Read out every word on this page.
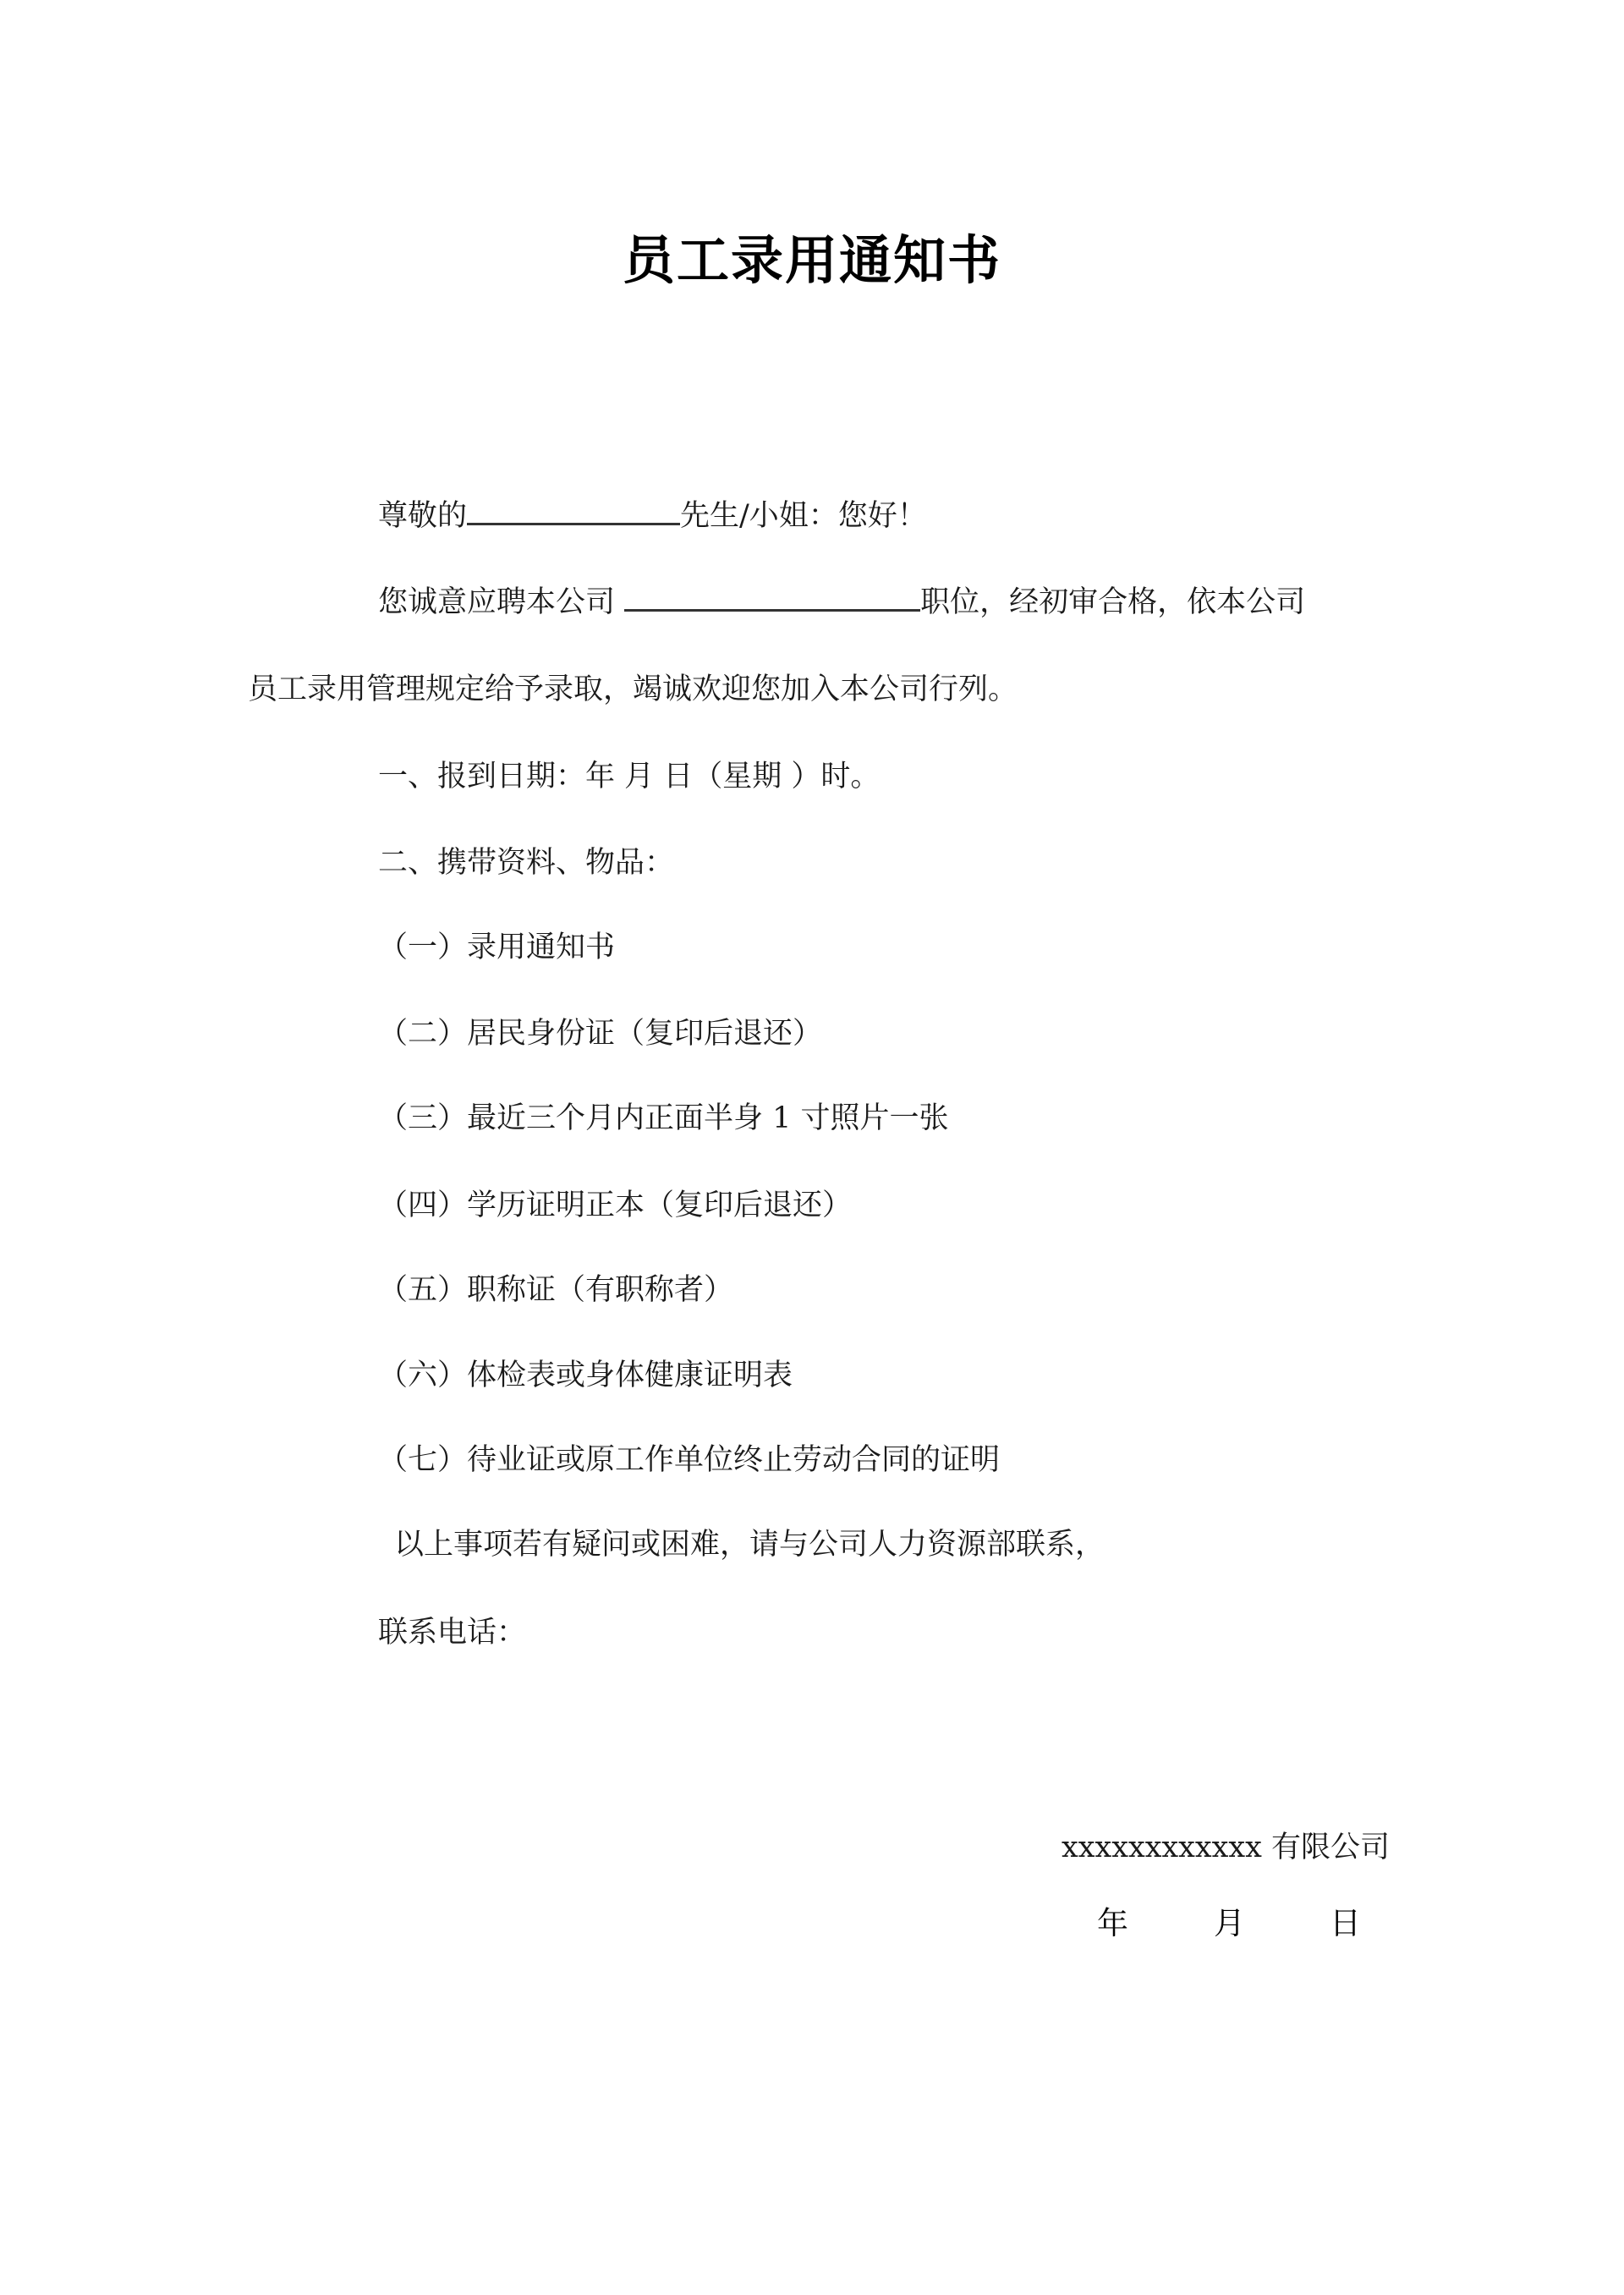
员工录用通知书
尊敬的	先生/小姐：您好！
您诚意应聘本公司	职位，经初审合格，依本公司
员工录用管理规定给予录取，竭诚欢迎您加入本公司行列。
一、报到日期：年 月 日（星期 ）时。
二、携带资料、物品：
（一）录用通知书
（二）居民身份证（复印后退还）
（三）最近三个月内正面半身 1 寸照片一张
（四）学历证明正本（复印后退还）
（五）职称证（有职称者）
（六）体检表或身体健康证明表
（七）待业证或原工作单位终止劳动合同的证明
以上事项若有疑问或困难，请与公司人力资源部联系，
联系电话：
xxxxxxxxxxxx 有限公司
年	月	日
